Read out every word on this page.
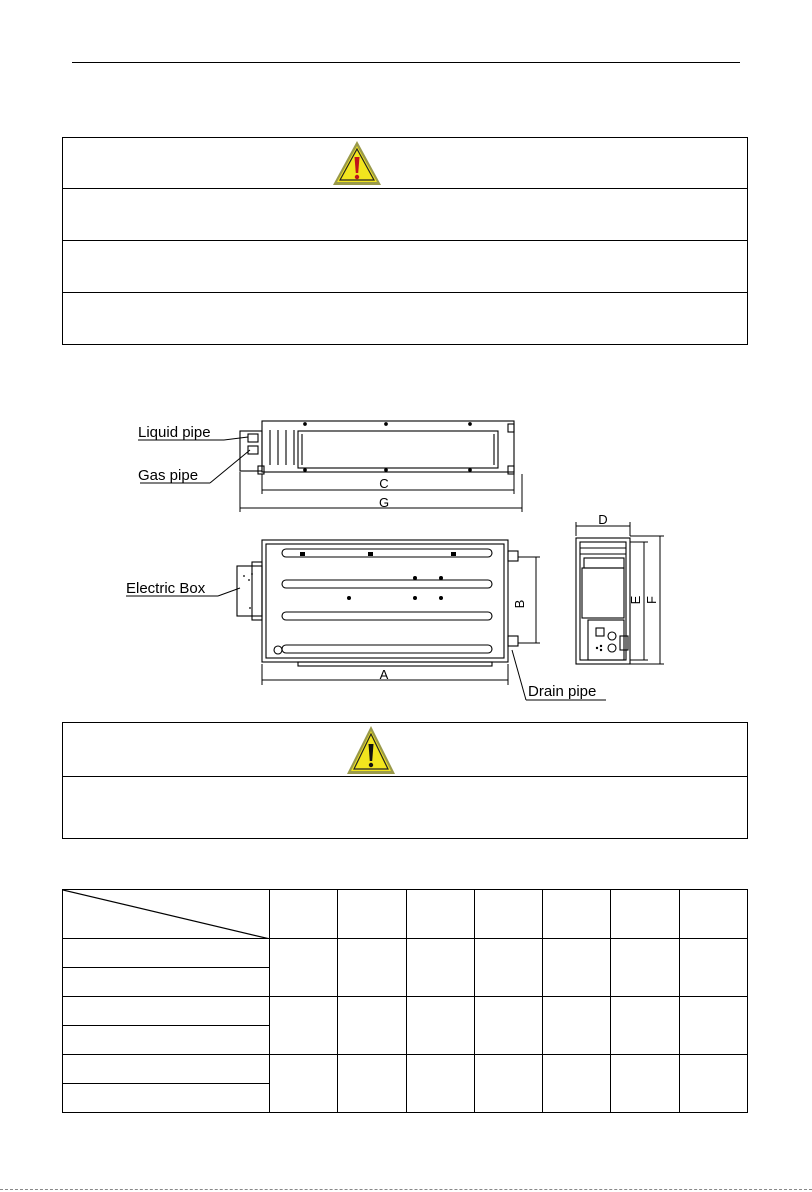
C
G
Liquid pipe
Gas pipe
A
B
Electric Box
Drain pipe
D
E F
